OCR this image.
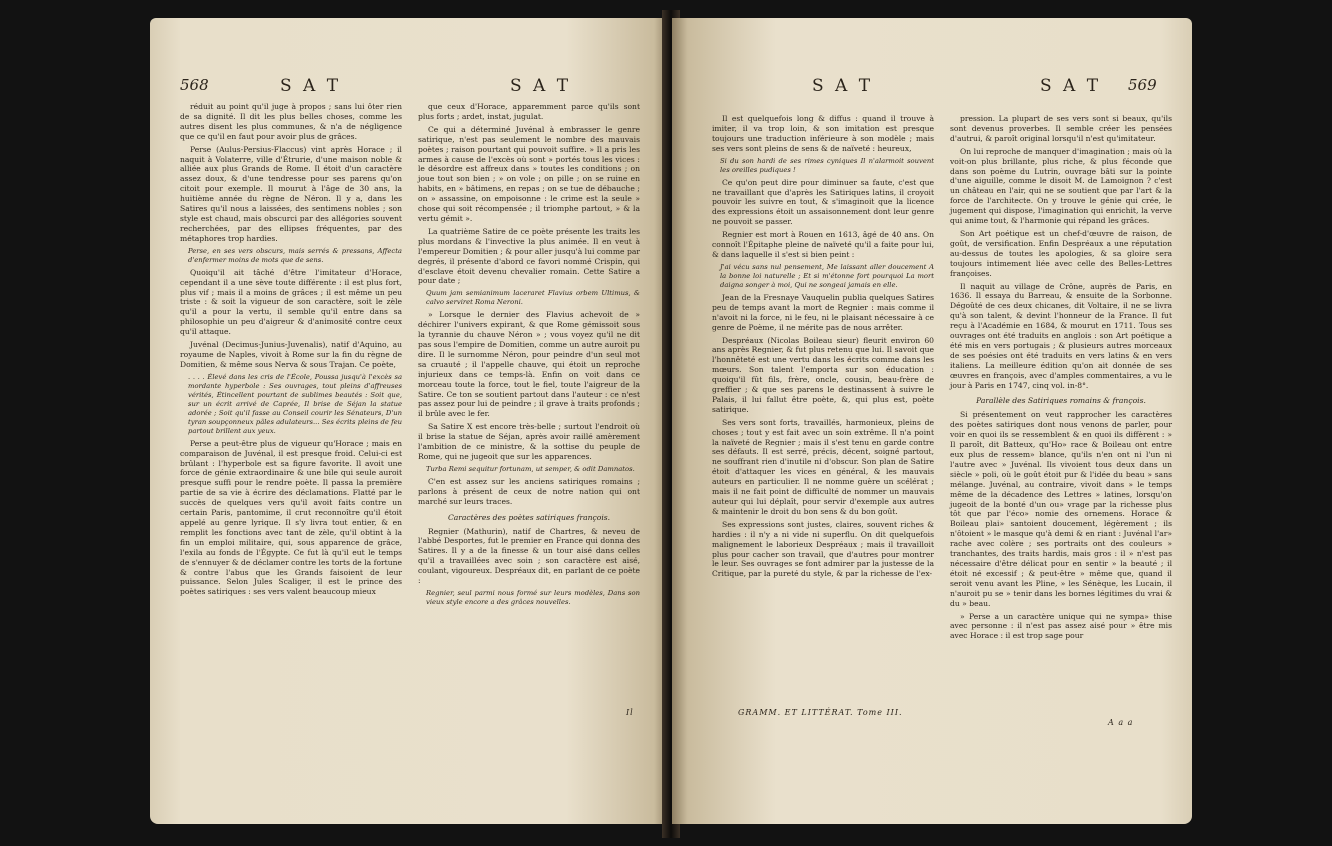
568	S A T	S A T

réduit au point qu'il juge à propos ; sans lui ôter rien de sa dignité. Il dit les plus belles choses, comme les autres disent les plus communes, & n'a de négligence que ce qu'il en faut pour avoir plus de grâces.

Perse (Aulus-Persius-Flaccus) vint après Horace ; il naquit à Volaterre, ville d'Étrurie, d'une maison noble & alliée aux plus Grands de Rome. Il étoit d'un caractère assez doux, & d'une tendresse pour ses parens qu'on citoit pour exemple. Il mourut à l'âge de 30 ans, la huitième année du règne de Néron. Il y a, dans les Satires qu'il nous a laissées, des sentimens nobles ; son style est chaud, mais obscurci par des allégories souvent recherchées, par des ellipses fréquentes, par des métaphores trop hardies.

Perse, en ses vers obscurs, mais serrés & pressans, Affecta d'enfermer moins de mots que de sens.

Quoiqu'il ait tâché d'être l'imitateur d'Horace, cependant il a une sève toute différente : il est plus fort, plus vif ; mais il a moins de grâces ; il est même un peu triste : & soit la vigueur de son caractère, soit le zèle qu'il a pour la vertu, il semble qu'il entre dans sa philosophie un peu d'aigreur & d'animosité contre ceux qu'il attaque.

Juvénal (Decimus-Junius-Juvenalis), natif d'Aquino, au royaume de Naples, vivoit à Rome sur la fin du règne de Domitien, & même sous Nerva & sous Trajan. Ce poète,

. . . . Élevé dans les cris de l'École, Poussa jusqu'à l'excès sa mordante hyperbole : Ses ouvrages, tout pleins d'affreuses vérités, Étincellent pourtant de sublimes beautés : Soit que, sur un écrit arrivé de Caprée, Il brise de Séjan la statue adorée ; Soit qu'il fasse au Conseil courir les Sénateurs, D'un tyran soupçonneux pâles adulateurs... Ses écrits pleins de feu partout brillent aux yeux.

Perse a peut-être plus de vigueur qu'Horace ; mais en comparaison de Juvénal, il est presque froid. Celui-ci est brûlant : l'hyperbole est sa figure favorite. Il avoit une force de génie extraordinaire & une bile qui seule auroit presque suffi pour le rendre poète. Il passa la première partie de sa vie à écrire des déclamations. Flatté par le succès de quelques vers qu'il avoit faits contre un certain Paris, pantomime, il crut reconnoître qu'il étoit appelé au genre lyrique. Il s'y livra tout entier, & en remplit les fonctions avec tant de zèle, qu'il obtint à la fin un emploi militaire, qui, sous apparence de grâce, l'exila au fonds de l'Égypte. Ce fut là qu'il eut le temps de s'ennuyer & de déclamer contre les torts de la fortune & contre l'abus que les Grands faisoient de leur puissance. Selon Jules Scaliger, il est le prince des poètes satiriques : ses vers valent beaucoup mieux

que ceux d'Horace, apparemment parce qu'ils sont plus forts ; ardet, instat, jugulat.

Ce qui a déterminé Juvénal à embrasser le genre satirique, n'est pas seulement le nombre des mauvais poètes ; raison pourtant qui pouvoit suffire. » Il a pris les armes à cause de l'excès où sont » portés tous les vices : le désordre est affreux dans » toutes les conditions ; on joue tout son bien ; » on vole ; on pille ; on se ruine en habits, en » bâtimens, en repas ; on se tue de débauche ; on » assassine, on empoisonne : le crime est la seule » chose qui soit récompensée ; il triomphe partout, » & la vertu gémit ».

La quatrième Satire de ce poète présente les traits les plus mordans & l'invective la plus animée. Il en veut à l'empereur Domitien ; & pour aller jusqu'à lui comme par degrés, il présente d'abord ce favori nommé Crispin, qui d'esclave étoit devenu chevalier romain. Cette Satire a pour date ;

Quum jam semianimum laceraret Flavius orbem Ultimus, & calvo serviret Roma Neroni.

» Lorsque le dernier des Flavius achevoit de » déchirer l'univers expirant, & que Rome gémissoit sous la tyrannie du chauve Néron » ; vous voyez qu'il ne dit pas sous l'empire de Domitien, comme un autre auroit pu dire. Il le surnomme Néron, pour peindre d'un seul mot sa cruauté ; il l'appelle chauve, qui étoit un reproche injurieux dans ce temps-là. Enfin on voit dans ce morceau toute la force, tout le fiel, toute l'aigreur de la Satire. Ce ton se soutient partout dans l'auteur : ce n'est pas assez pour lui de peindre ; il grave à traits profonds ; il brûle avec le fer.

Sa Satire X est encore très-belle ; surtout l'endroit où il brise la statue de Séjan, après avoir raillé amèrement l'ambition de ce ministre, & la sottise du peuple de Rome, qui ne jugeoit que sur les apparences.

Turba Remi sequitur fortunam, ut semper, & odit Damnatos.

C'en est assez sur les anciens satiriques romains ; parlons à présent de ceux de notre nation qui ont marché sur leurs traces.

Caractères des poètes satiriques françois.

Regnier (Mathurin), natif de Chartres, & neveu de l'abbé Desportes, fut le premier en France qui donna des Satires. Il y a de la finesse & un tour aisé dans celles qu'il a travaillées avec soin ; son caractère est aisé, coulant, vigoureux. Despréaux dit, en parlant de ce poète :

Regnier, seul parmi nous formé sur leurs modèles, Dans son vieux style encore a des grâces nouvelles.

Il
S A T	S A T 569

Il est quelquefois long & diffus : quand il trouve à imiter, il va trop loin, & son imitation est presque toujours une traduction inférieure à son modèle ; mais ses vers sont pleins de sens & de naïveté : heureux,

Si du son hardi de ses rimes cyniques Il n'alarmoit souvent les oreilles pudiques !

Ce qu'on peut dire pour diminuer sa faute, c'est que ne travaillant que d'après les Satiriques latins, il croyoit pouvoir les suivre en tout, & s'imaginoit que la licence des expressions étoit un assaisonnement dont leur genre ne pouvoit se passer.

Regnier est mort à Rouen en 1613, âgé de 40 ans. On connoît l'Épitaphe pleine de naïveté qu'il a faite pour lui, & dans laquelle il s'est si bien peint :

J'ai vécu sans nul pensement, Me laissant aller doucement A la bonne loi naturelle ; Et si m'étonne fort pourquoi La mort daigna songer à moi, Qui ne songeai jamais en elle.

Jean de la Fresnaye Vauquelin publia quelques Satires peu de temps avant la mort de Regnier : mais comme il n'avoit ni la force, ni le feu, ni le plaisant nécessaire à ce genre de Poème, il ne mérite pas de nous arrêter.

Despréaux (Nicolas Boileau sieur) fleurit environ 60 ans après Regnier, & fut plus retenu que lui. Il savoit que l'honnêteté est une vertu dans les écrits comme dans les mœurs. Son talent l'emporta sur son éducation : quoiqu'il fût fils, frère, oncle, cousin, beau-frère de greffier ; & que ses parens le destinassent à suivre le Palais, il lui fallut être poète, &, qui plus est, poète satirique.

Ses vers sont forts, travaillés, harmonieux, pleins de choses ; tout y est fait avec un soin extrême. Il n'a point la naïveté de Regnier ; mais il s'est tenu en garde contre ses défauts. Il est serré, précis, décent, soigné partout, ne souffrant rien d'inutile ni d'obscur. Son plan de Satire étoit d'attaquer les vices en général, & les mauvais auteurs en particulier. Il ne nomme guère un scélérat ; mais il ne fait point de difficulté de nommer un mauvais auteur qui lui déplaît, pour servir d'exemple aux autres & maintenir le droit du bon sens & du bon goût.

Ses expressions sont justes, claires, souvent riches & hardies : il n'y a ni vide ni superflu. On dit quelquefois malignement le laborieux Despréaux ; mais il travailloit plus pour cacher son travail, que d'autres pour montrer le leur. Ses ouvrages se font admirer par la justesse de la Critique, par la pureté du style, & par la richesse de l'ex-

pression. La plupart de ses vers sont si beaux, qu'ils sont devenus proverbes. Il semble créer les pensées d'autrui, & paroît original lorsqu'il n'est qu'imitateur.

On lui reproche de manquer d'imagination ; mais où la voit-on plus brillante, plus riche, & plus féconde que dans son poème du Lutrin, ouvrage bâti sur la pointe d'une aiguille, comme le disoit M. de Lamoignon ? c'est un château en l'air, qui ne se soutient que par l'art & la force de l'architecte. On y trouve le génie qui crée, le jugement qui dispose, l'imagination qui enrichit, la verve qui anime tout, & l'harmonie qui répand les grâces.

Son Art poétique est un chef-d'œuvre de raison, de goût, de versification. Enfin Despréaux a une réputation au-dessus de toutes les apologies, & sa gloire sera toujours intimement liée avec celle des Belles-Lettres françoises.

Il naquit au village de Crône, auprès de Paris, en 1636. Il essaya du Barreau, & ensuite de la Sorbonne. Dégoûté de ces deux chicanes, dit Voltaire, il ne se livra qu'à son talent, & devint l'honneur de la France. Il fut reçu à l'Académie en 1684, & mourut en 1711. Tous ses ouvrages ont été traduits en anglois : son Art poétique a été mis en vers portugais ; & plusieurs autres morceaux de ses poésies ont été traduits en vers latins & en vers italiens. La meilleure édition qu'on ait donnée de ses œuvres en françois, avec d'amples commentaires, a vu le jour à Paris en 1747, cinq vol. in-8°.

Parallèle des Satiriques romains & françois.

Si présentement on veut rapprocher les caractères des poètes satiriques dont nous venons de parler, pour voir en quoi ils se ressemblent & en quoi ils diffèrent : » Il paroît, dit Batteux, qu'Ho» race & Boileau ont entre eux plus de ressem» blance, qu'ils n'en ont ni l'un ni l'autre avec » Juvénal. Ils vivoient tous deux dans un siècle » poli, où le goût étoit pur & l'idée du beau » sans mélange. Juvénal, au contraire, vivoit dans » le temps même de la décadence des Lettres » latines, lorsqu'on jugeoit de la bonté d'un ou» vrage par la richesse plus tôt que par l'éco» nomie des ornemens. Horace & Boileau plai» santoient doucement, légèrement ; ils n'ôtoient » le masque qu'à demi & en riant : Juvénal l'ar» rache avec colère ; ses portraits ont des couleurs » tranchantes, des traits hardis, mais gros : il » n'est pas nécessaire d'être délicat pour en sentir » la beauté ; il étoit né excessif ; & peut-être » même que, quand il seroit venu avant les Pline, » les Sénèque, les Lucain, il n'auroit pu se » tenir dans les bornes légitimes du vrai & du » beau.

» Perse a un caractère unique qui ne sympa» thise avec personne : il n'est pas assez aisé pour » être mis avec Horace : il est trop sage pour

GRAMM. ET LITTÉRAT. Tome III.
A a a
